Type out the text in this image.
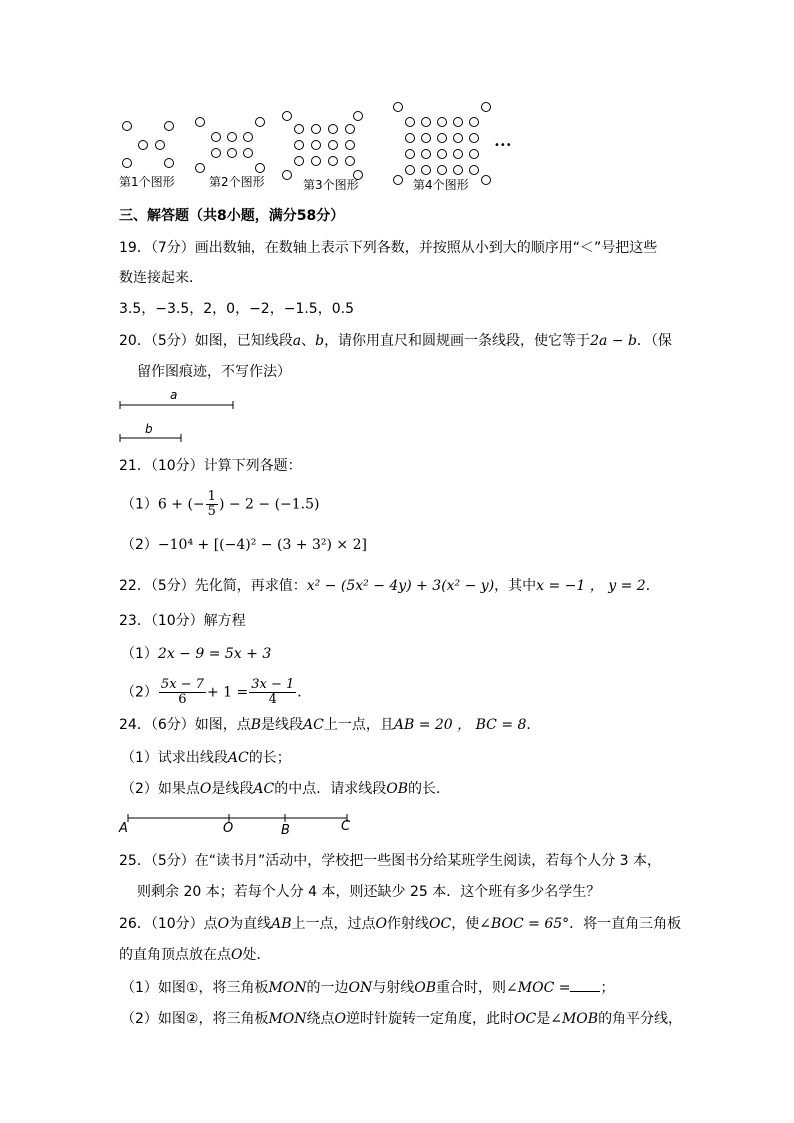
第1个图形	第2个图形	第3个图形	第4个图形
•••
三、解答题（共8小题，满分58分）
19．（7分）画出数轴，在数轴上表示下列各数，并按照从小到大的顺序用“＜”号把这些
数连接起来．
3.5，−3.5，2，0，−2，−1.5，0.5
20．（5分）如图，已知线段a、b，请你用直尺和圆规画一条线段，使它等于2a − b．（保
留作图痕迹，不写作法）
a
b
21．（10分）计算下列各题：
（1）6 + (− $\frac{1}{5}$ ) − 2 − (−1.5)
（2）−10⁴ + [(−4)² − (3 + 3²) × 2]
22．（5分）先化简，再求值：x² − (5x² − 4y) + 3(x² − y)，其中x = −1 ， y = 2．
23．（10分）解方程
（1）2x − 9 = 5x + 3
$(2) \frac{5x - 7}{6} + 1 = \frac{3x - 1}{4}$ ．
24．（6分）如图，点B是线段AC上一点，且AB = 20 ， BC = 8．
（1）试求出线段AC的长；
（2）如果点O是线段AC的中点．请求线段OB的长．
A	O	B	C
25．（5分）在“读书月”活动中，学校把一些图书分给某班学生阅读，若每个人分 3 本，
则剩余 20 本；若每个人分 4 本，则还缺少 25 本．这个班有多少名学生？
26．（10分）点O为直线AB上一点，过点O作射线OC，使∠BOC = 65°．将一直角三角板
的直角顶点放在点O处．
（1）如图①，将三角板MON的一边ON与射线OB重合时，则∠MOC = ；
（2）如图②，将三角板MON绕点O逆时针旋转一定角度，此时OC是∠MOB的角平分线，
